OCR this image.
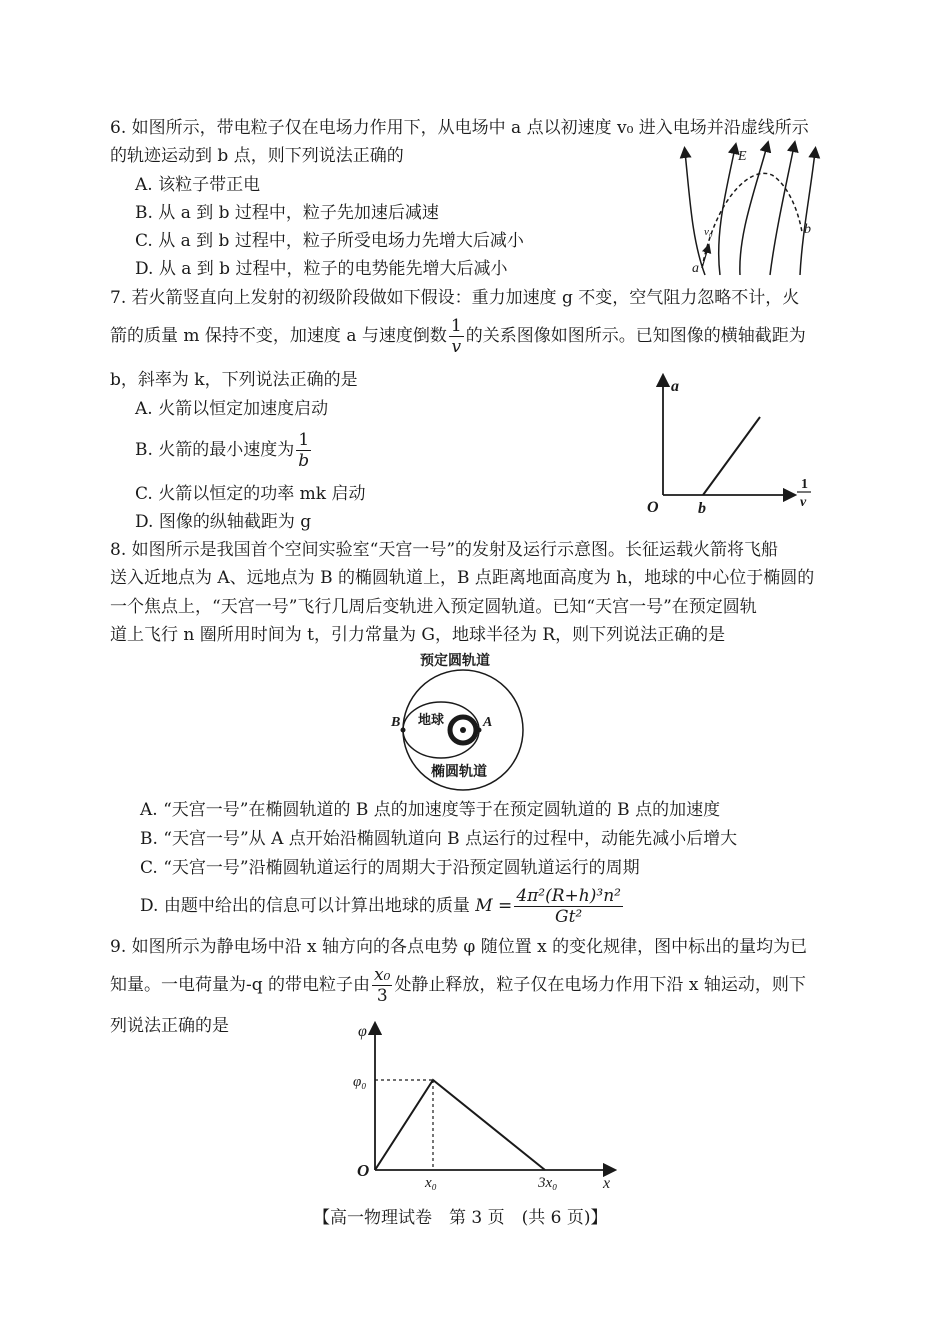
6. 如图所示，带电粒子仅在电场力作用下，从电场中 a 点以初速度 v₀ 进入电场并沿虚线所示
的轨迹运动到 b 点，则下列说法正确的
A. 该粒子带正电
B. 从 a 到 b 过程中，粒子先加速后减速
C. 从 a 到 b 过程中，粒子所受电场力先增大后减小
D. 从 a 到 b 过程中，粒子的电势能先增大后减小
E
b
a
v₀
7. 若火箭竖直向上发射的初级阶段做如下假设：重力加速度 g 不变，空气阻力忽略不计，火
箭的质量 m 保持不变，加速度 a 与速度倒数 $\frac{1}{v}$ 的关系图像如图所示。已知图像的横轴截距为
b，斜率为 k，下列说法正确的是
A. 火箭以恒定加速度启动
B. 火箭的最小速度为 $\frac{1}{b}$
C. 火箭以恒定的功率 mk 启动
D. 图像的纵轴截距为 g
a
O b
1
v
8. 如图所示是我国首个空间实验室“天宫一号”的发射及运行示意图。长征运载火箭将飞船
送入近地点为 A、远地点为 B 的椭圆轨道上，B 点距离地面高度为 h，地球的中心位于椭圆的
一个焦点上，“天宫一号”飞行几周后变轨进入预定圆轨道。已知“天宫一号”在预定圆轨
道上飞行 n 圈所用时间为 t，引力常量为 G，地球半径为 R，则下列说法正确的是
预定圆轨道
地球
B	A
椭圆轨道
A. “天宫一号”在椭圆轨道的 B 点的加速度等于在预定圆轨道的 B 点的加速度
B. “天宫一号”从 A 点开始沿椭圆轨道向 B 点运行的过程中，动能先减小后增大
C. “天宫一号”沿椭圆轨道运行的周期大于沿预定圆轨道运行的周期
D. 由题中给出的信息可以计算出地球的质量 $M = \frac{\text{4π²(R+h)³n²}}{\text{Gt²}}$
9. 如图所示为静电场中沿 x 轴方向的各点电势 φ 随位置 x 的变化规律，图中标出的量均为已
知量。一电荷量为-q 的带电粒子由 $\frac{\text{x₀}}{3}$ 处静止释放，粒子仅在电场力作用下沿 x 轴运动，则下
列说法正确的是	φ
φ₀
O
x₀	3x₀	x
【高一物理试卷　第 3 页　(共 6 页)】
